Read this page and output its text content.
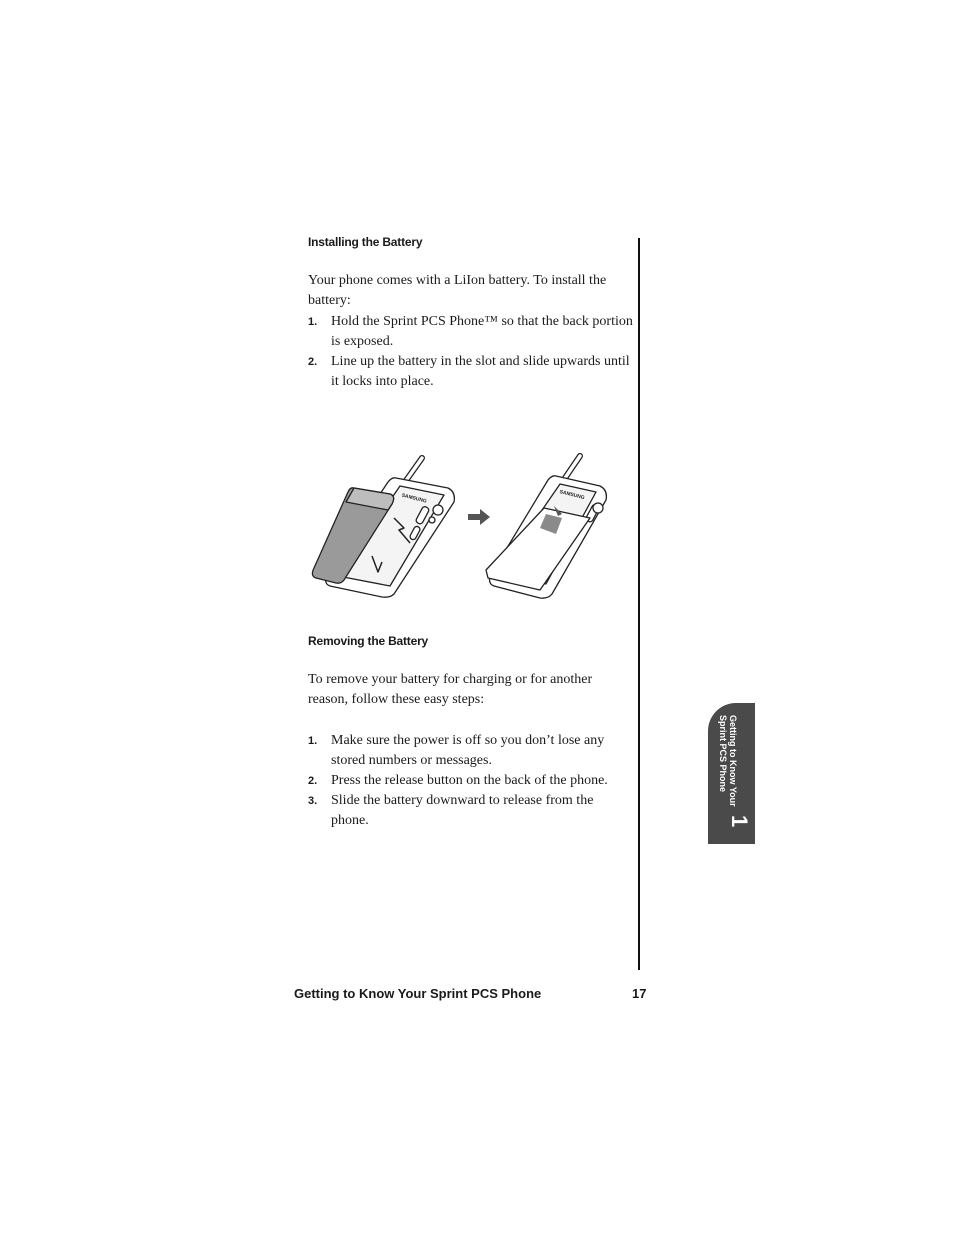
Installing the Battery

Your phone comes with a LiIon battery. To install the battery:

1. Hold the Sprint PCS Phone™ so that the back portion is exposed.
2. Line up the battery in the slot and slide upwards until it locks into place.
SAMSUNG	SAMSUNG
Removing the Battery

To remove your battery for charging or for another reason, follow these easy steps:

1. Make sure the power is off so you don’t lose any stored numbers or messages.
2. Press the release button on the back of the phone.
3. Slide the battery downward to release from the phone.
Getting to Know Your
Sprint PCS Phone
1
Getting to Know Your Sprint PCS Phone	17
